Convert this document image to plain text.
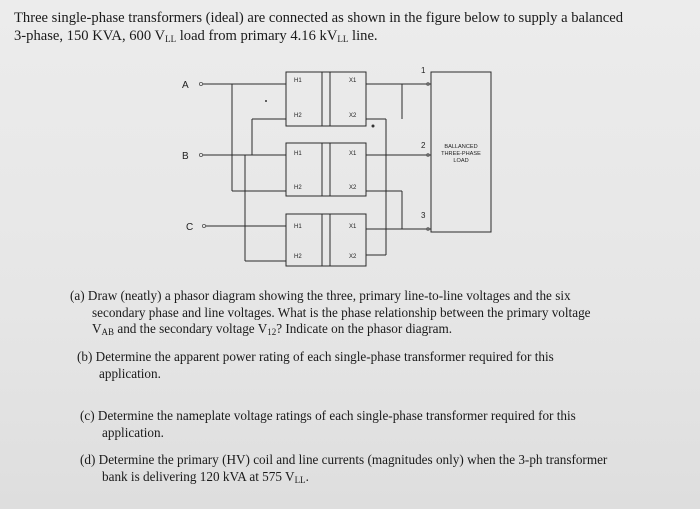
Three single-phase transformers (ideal) are connected as shown in the figure below to supply a balanced
3-phase, 150 KVA, 600 $V_{LL}$ load from primary 4.16 $kV_{LL}$ line.
A
B
C
H1
H2
X1
X2
H1
H2
X1
X2
H1
H2
X1
X2
1
2
3
BALLANCED
THREE-PHASE
LOAD
(a) Draw (neatly) a phasor diagram showing the three, primary line-to-line voltages and the six
secondary phase and line voltages. What is the phase relationship between the primary voltage
$V_{AB}$ and the secondary voltage $V_{12}$? Indicate on the phasor diagram.
(b) Determine the apparent power rating of each single-phase transformer required for this
application.
(c) Determine the nameplate voltage ratings of each single-phase transformer required for this
application.
(d) Determine the primary (HV) coil and line currents (magnitudes only) when the 3-ph transformer
bank is delivering 120 kVA at 575 $V_{LL}$.
